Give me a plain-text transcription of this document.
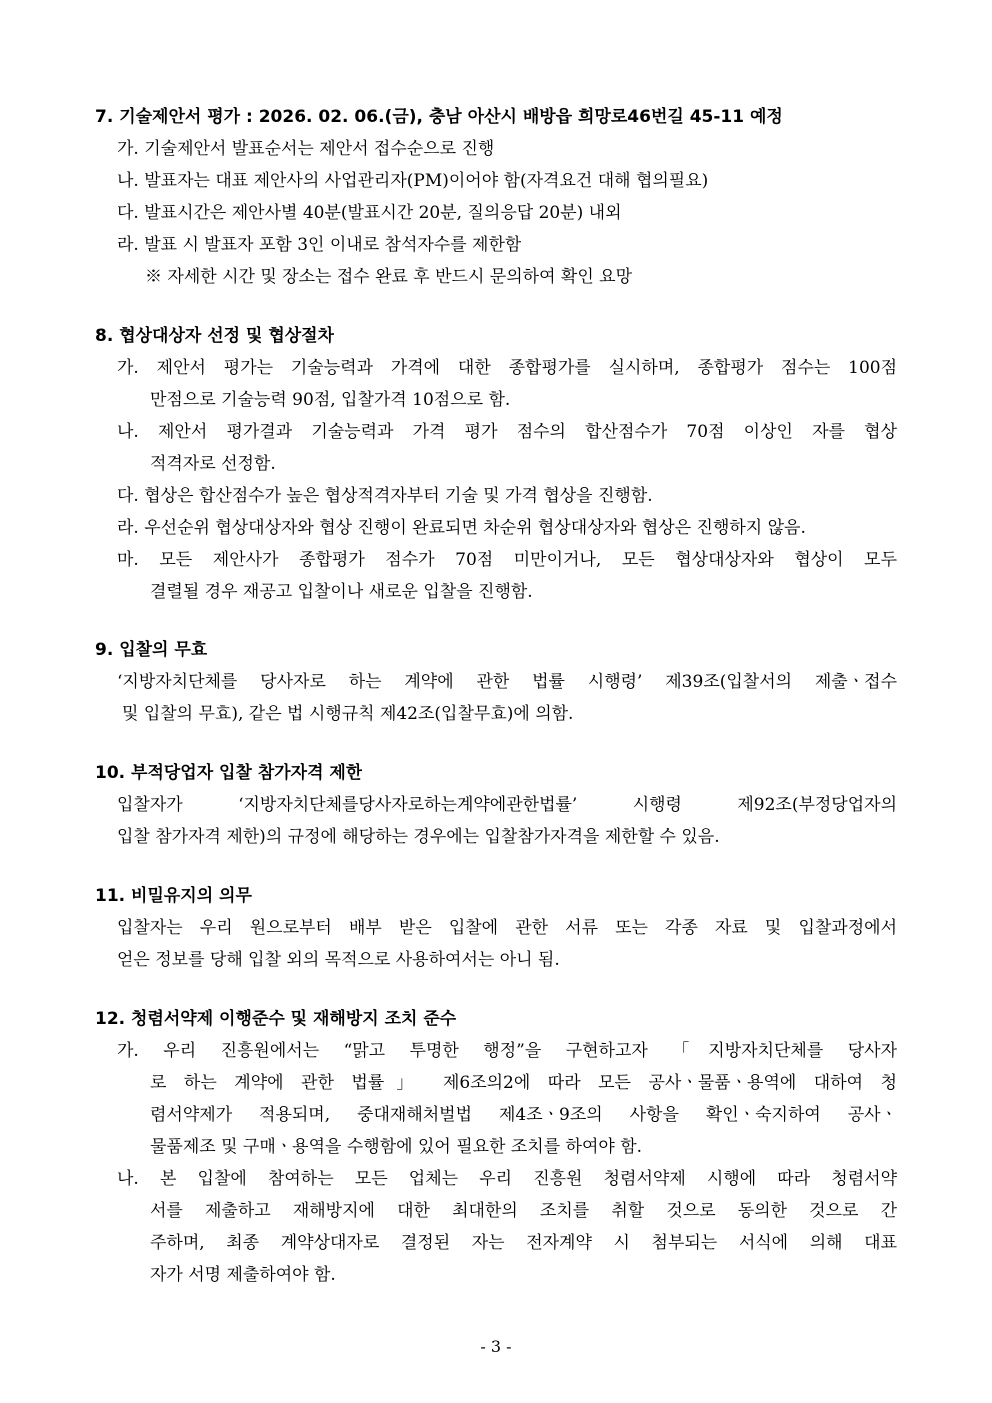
7. 기술제안서 평가 : 2026. 02. 06.(금), 충남 아산시 배방읍 희망로46번길 45-11 예정
가. 기술제안서 발표순서는 제안서 접수순으로 진행
나. 발표자는 대표 제안사의 사업관리자(PM)이어야 함(자격요건 대해 협의필요)
다. 발표시간은 제안사별 40분(발표시간 20분, 질의응답 20분) 내외
라. 발표 시 발표자 포함 3인 이내로 참석자수를 제한함
※ 자세한 시간 및 장소는 접수 완료 후 반드시 문의하여 확인 요망
8. 협상대상자 선정 및 협상절차
가. 제안서 평가는 기술능력과 가격에 대한 종합평가를 실시하며, 종합평가 점수는 100점
만점으로 기술능력 90점, 입찰가격 10점으로 함.
나. 제안서 평가결과 기술능력과 가격 평가 점수의 합산점수가 70점 이상인 자를 협상
적격자로 선정함.
다. 협상은 합산점수가 높은 협상적격자부터 기술 및 가격 협상을 진행함.
라. 우선순위 협상대상자와 협상 진행이 완료되면 차순위 협상대상자와 협상은 진행하지 않음.
마. 모든 제안사가 종합평가 점수가 70점 미만이거나, 모든 협상대상자와 협상이 모두
결렬될 경우 재공고 입찰이나 새로운 입찰을 진행함.
9. 입찰의 무효
‘지방자치단체를 당사자로 하는 계약에 관한 법률 시행령’ 제39조(입찰서의 제출ㆍ접수
및 입찰의 무효), 같은 법 시행규칙 제42조(입찰무효)에 의함.
10. 부적당업자 입찰 참가자격 제한
입찰자가 ‘지방자치단체를당사자로하는계약에관한법률’ 시행령 제92조(부정당업자의
입찰 참가자격 제한)의 규정에 해당하는 경우에는 입찰참가자격을 제한할 수 있음.
11. 비밀유지의 의무
입찰자는 우리 원으로부터 배부 받은 입찰에 관한 서류 또는 각종 자료 및 입찰과정에서
얻은 정보를 당해 입찰 외의 목적으로 사용하여서는 아니 됨.
12. 청렴서약제 이행준수 및 재해방지 조치 준수
가. 우리 진흥원에서는 “맑고 투명한 행정”을 구현하고자 「지방자치단체를 당사자
로 하는 계약에 관한 법률」 제6조의2에 따라 모든 공사ㆍ물품ㆍ용역에 대하여 청
렴서약제가 적용되며, 중대재해처벌법 제4조ㆍ9조의 사항을 확인ㆍ숙지하여 공사ㆍ
물품제조 및 구매ㆍ용역을 수행함에 있어 필요한 조치를 하여야 함.
나. 본 입찰에 참여하는 모든 업체는 우리 진흥원 청렴서약제 시행에 따라 청렴서약
서를 제출하고 재해방지에 대한 최대한의 조치를 취할 것으로 동의한 것으로 간
주하며, 최종 계약상대자로 결정된 자는 전자계약 시 첨부되는 서식에 의해 대표
자가 서명 제출하여야 함.
- 3 -
